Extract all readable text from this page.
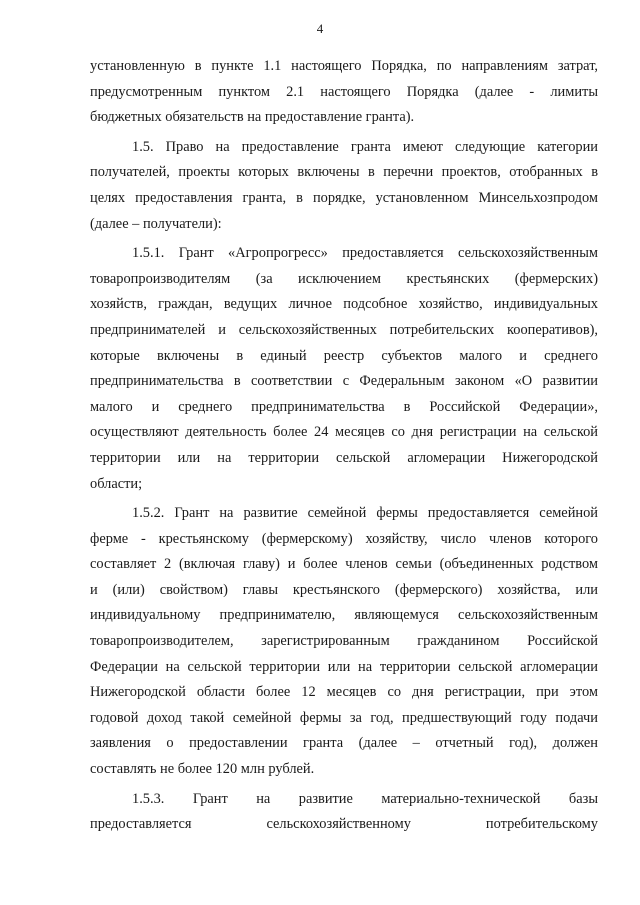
4
установленную в пункте 1.1 настоящего Порядка, по направлениям затрат,
предусмотренным пунктом 2.1 настоящего Порядка (далее - лимиты
бюджетных обязательств на предоставление гранта).
1.5. Право на предоставление гранта имеют следующие категории
получателей, проекты которых включены в перечни проектов, отобранных в
целях предоставления гранта, в порядке, установленном Минсельхозпродом
(далее – получатели):
1.5.1. Грант «Агропрогресс» предоставляется сельскохозяйственным
товаропроизводителям (за исключением крестьянских (фермерских)
хозяйств, граждан, ведущих личное подсобное хозяйство, индивидуальных
предпринимателей и сельскохозяйственных потребительских кооперативов),
которые включены в единый реестр субъектов малого и среднего
предпринимательства в соответствии с Федеральным законом «О развитии
малого и среднего предпринимательства в Российской Федерации»,
осуществляют деятельность более 24 месяцев со дня регистрации на сельской
территории или на территории сельской агломерации Нижегородской
области;
1.5.2. Грант на развитие семейной фермы предоставляется семейной
ферме - крестьянскому (фермерскому) хозяйству, число членов которого
составляет 2 (включая главу) и более членов семьи (объединенных родством
и (или) свойством) главы крестьянского (фермерского) хозяйства, или
индивидуальному предпринимателю, являющемуся сельскохозяйственным
товаропроизводителем, зарегистрированным гражданином Российской
Федерации на сельской территории или на территории сельской агломерации
Нижегородской области более 12 месяцев со дня регистрации, при этом
годовой доход такой семейной фермы за год, предшествующий году подачи
заявления о предоставлении гранта (далее – отчетный год), должен
составлять не более 120 млн рублей.
1.5.3. Грант на развитие материально-технической базы
предоставляется сельскохозяйственному потребительскому
